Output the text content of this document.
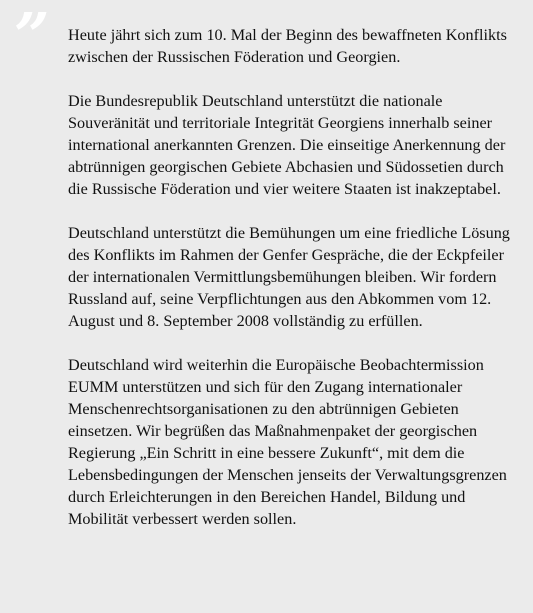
”	Heute jährt sich zum 10. Mal der Beginn des bewaffneten Konflikts zwischen der Russischen Föderation und Georgien.

Die Bundesrepublik Deutschland unterstützt die nationale Souveränität und territoriale Integrität Georgiens innerhalb seiner international anerkannten Grenzen. Die einseitige Anerkennung der abtrünnigen georgischen Gebiete Abchasien und Südossetien durch die Russische Föderation und vier weitere Staaten ist inakzeptabel.

Deutschland unterstützt die Bemühungen um eine friedliche Lösung des Konflikts im Rahmen der Genfer Gespräche, die der Eckpfeiler der internationalen Vermittlungsbemühungen bleiben. Wir fordern Russland auf, seine Verpflichtungen aus den Abkommen vom 12. August und 8. September 2008 vollständig zu erfüllen.

Deutschland wird weiterhin die Europäische Beobachtermission EUMM unterstützen und sich für den Zugang internationaler Menschenrechtsorganisationen zu den abtrünnigen Gebieten einsetzen. Wir begrüßen das Maßnahmenpaket der georgischen Regierung „Ein Schritt in eine bessere Zukunft“, mit dem die Lebensbedingungen der Menschen jenseits der Verwaltungsgrenzen durch Erleichterungen in den Bereichen Handel, Bildung und Mobilität verbessert werden sollen.
